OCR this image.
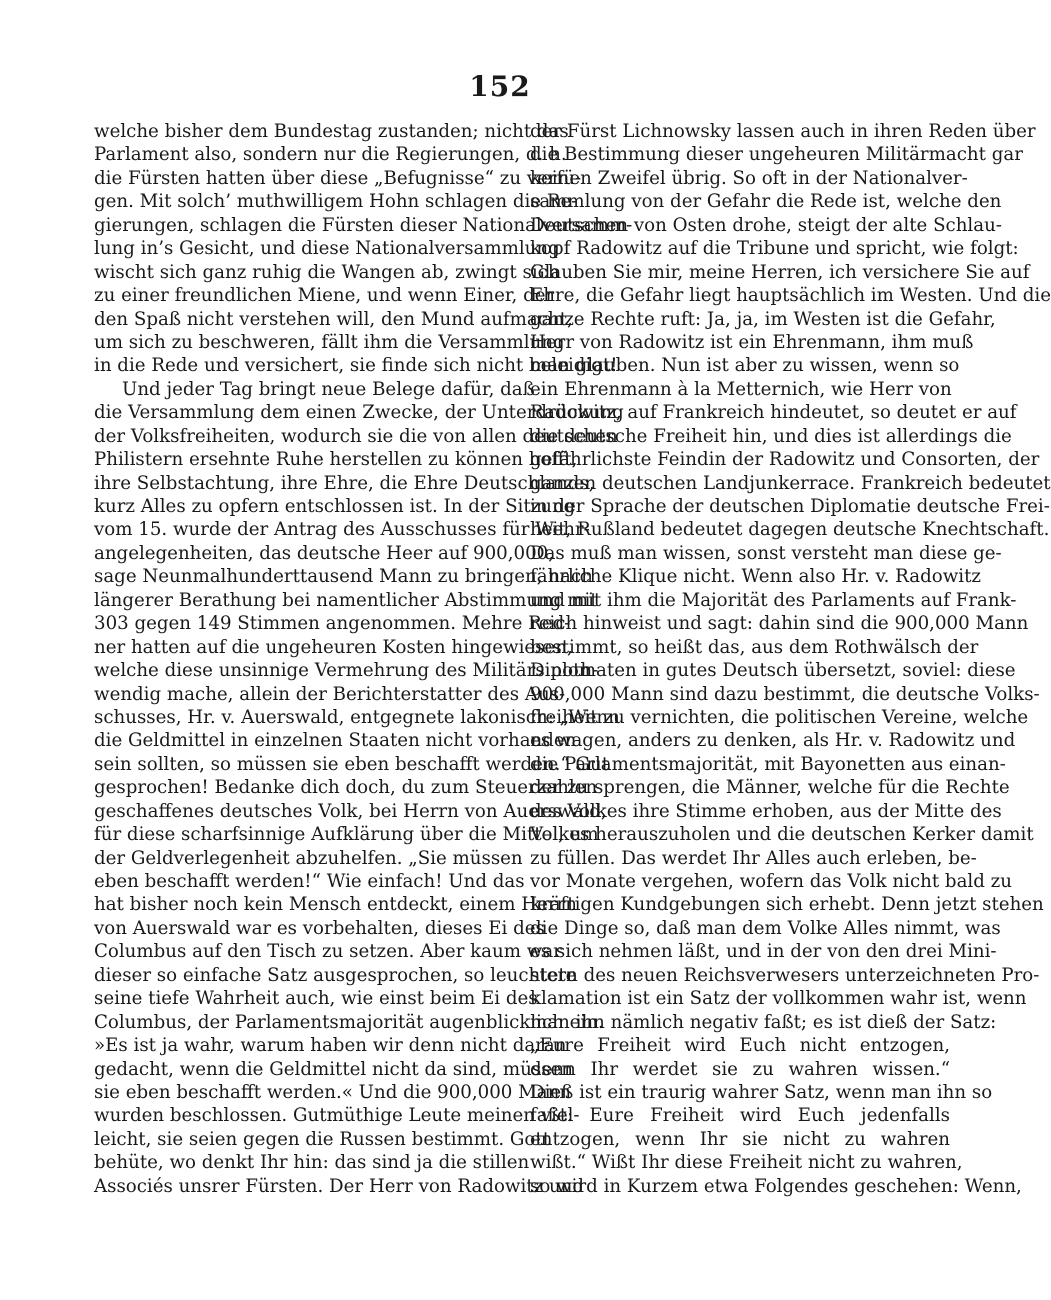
152
welche bisher dem Bundestag zustanden; nicht das
Parlament also, sondern nur die Regierungen, d. h.
die Fürsten hatten über diese „Befugnisse“ zu verfü-
gen. Mit solch’ muthwilligem Hohn schlagen die Re-
gierungen, schlagen die Fürsten dieser Nationalversamm-
lung in’s Gesicht, und diese Nationalversammlung
wischt sich ganz ruhig die Wangen ab, zwingt sich
zu einer freundlichen Miene, und wenn Einer, der
den Spaß nicht verstehen will, den Mund aufmacht,
um sich zu beschweren, fällt ihm die Versammlung
in die Rede und versichert, sie finde sich nicht beleidigt!
Und jeder Tag bringt neue Belege dafür, daß
die Versammlung dem einen Zwecke, der Unterdrückung
der Volksfreiheiten, wodurch sie die von allen deutschen
Philistern ersehnte Ruhe herstellen zu können hofft,
ihre Selbstachtung, ihre Ehre, die Ehre Deutschlands,
kurz Alles zu opfern entschlossen ist. In der Sitzung
vom 15. wurde der Antrag des Ausschusses für Wehr-
angelegenheiten, das deutsche Heer auf 900,000,
sage Neunmalhunderttausend Mann zu bringen, nach
längerer Berathung bei namentlicher Abstimmung mit
303 gegen 149 Stimmen angenommen. Mehre Red-
ner hatten auf die ungeheuren Kosten hingewiesen,
welche diese unsinnige Vermehrung des Militärs noth-
wendig mache, allein der Berichterstatter des Aus-
schusses, Hr. v. Auerswald, entgegnete lakonisch: „Wenn
die Geldmittel in einzelnen Staaten nicht vorhanden
sein sollten, so müssen sie eben beschafft werden.“ Gut
gesprochen! Bedanke dich doch, du zum Steuerzahlen
geschaffenes deutsches Volk, bei Herrn von Auerswald,
für diese scharfsinnige Aufklärung über die Mittel, um
der Geldverlegenheit abzuhelfen. „Sie müssen
eben beschafft werden!“ Wie einfach! Und das
hat bisher noch kein Mensch entdeckt, einem Herrn
von Auerswald war es vorbehalten, dieses Ei des
Columbus auf den Tisch zu setzen. Aber kaum war
dieser so einfache Satz ausgesprochen, so leuchtete
seine tiefe Wahrheit auch, wie einst beim Ei des
Columbus, der Parlamentsmajorität augenblicklich ein.
»Es ist ja wahr, warum haben wir denn nicht daran
gedacht, wenn die Geldmittel nicht da sind, müssen
sie eben beschafft werden.« Und die 900,000 Mann
wurden beschlossen. Gutmüthige Leute meinen viel-
leicht, sie seien gegen die Russen bestimmt. Gott
behüte, wo denkt Ihr hin: das sind ja die stillen
Associés unsrer Fürsten. Der Herr von Radowitz und
der Fürst Lichnowsky lassen auch in ihren Reden über
die Bestimmung dieser ungeheuren Militärmacht gar
keinen Zweifel übrig. So oft in der Nationalver-
sammlung von der Gefahr die Rede ist, welche den
Deutschen von Osten drohe, steigt der alte Schlau-
kopf Radowitz auf die Tribune und spricht, wie folgt:
Glauben Sie mir, meine Herren, ich versichere Sie auf
Ehre, die Gefahr liegt hauptsächlich im Westen. Und die
ganze Rechte ruft: Ja, ja, im Westen ist die Gefahr,
Herr von Radowitz ist ein Ehrenmann, ihm muß
man glauben. Nun ist aber zu wissen, wenn so
ein Ehrenmann à la Metternich, wie Herr von
Radowitz, auf Frankreich hindeutet, so deutet er auf
die deutsche Freiheit hin, und dies ist allerdings die
gefährlichste Feindin der Radowitz und Consorten, der
ganzen deutschen Landjunkerrace. Frankreich bedeutet
in der Sprache der deutschen Diplomatie deutsche Frei-
heit, Rußland bedeutet dagegen deutsche Knechtschaft.
Das muß man wissen, sonst versteht man diese ge-
fährliche Klique nicht. Wenn also Hr. v. Radowitz
und mit ihm die Majorität des Parlaments auf Frank-
reich hinweist und sagt: dahin sind die 900,000 Mann
bestimmt, so heißt das, aus dem Rothwälsch der
Diplomaten in gutes Deutsch übersetzt, soviel: diese
900,000 Mann sind dazu bestimmt, die deutsche Volks-
freiheit zu vernichten, die politischen Vereine, welche
es wagen, anders zu denken, als Hr. v. Radowitz und
die Parlamentsmajorität, mit Bayonetten aus einan-
der zu sprengen, die Männer, welche für die Rechte
des Volkes ihre Stimme erhoben, aus der Mitte des
Volkes herauszuholen und die deutschen Kerker damit
zu füllen. Das werdet Ihr Alles auch erleben, be-
vor Monate vergehen, wofern das Volk nicht bald zu
kräftigen Kundgebungen sich erhebt. Denn jetzt stehen
die Dinge so, daß man dem Volke Alles nimmt, was
es sich nehmen läßt, und in der von den drei Mini-
stern des neuen Reichsverwesers unterzeichneten Pro-
klamation ist ein Satz der vollkommen wahr ist, wenn
man ihn nämlich negativ faßt; es ist dieß der Satz:
„Eure Freiheit wird Euch nicht entzogen,
denn Ihr werdet sie zu wahren wissen.“
Dieß ist ein traurig wahrer Satz, wenn man ihn so
faßt: Eure Freiheit wird Euch jedenfalls
entzogen, wenn Ihr sie nicht zu wahren
wißt.“ Wißt Ihr diese Freiheit nicht zu wahren,
so wird in Kurzem etwa Folgendes geschehen: Wenn,
